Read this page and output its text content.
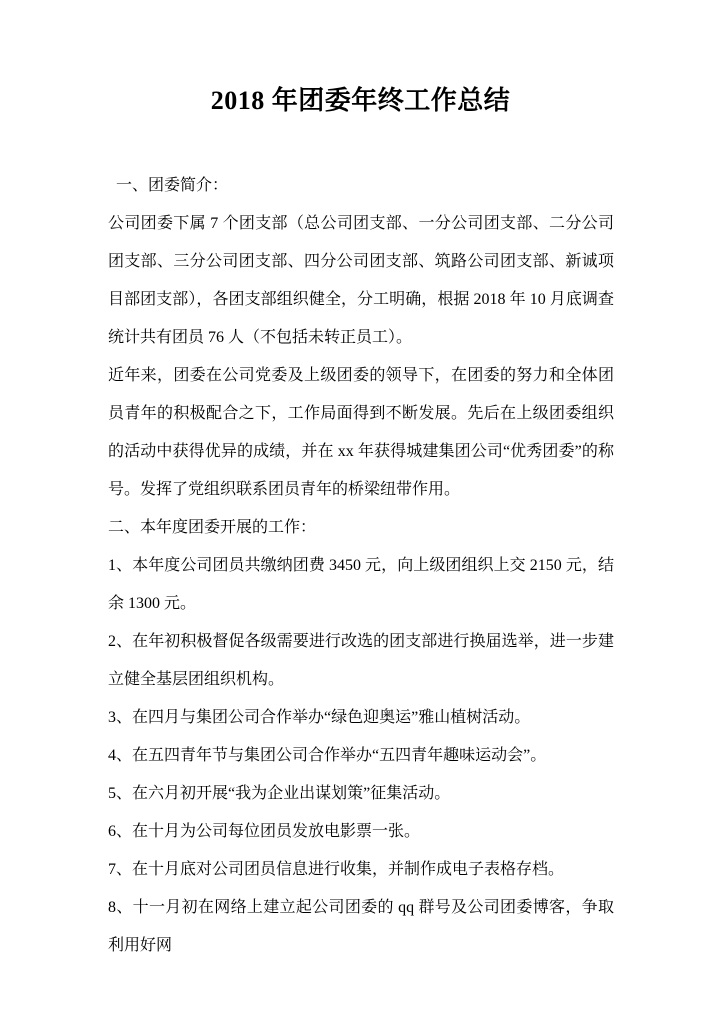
2018 年团委年终工作总结

一、团委简介：

公司团委下属 7 个团支部（总公司团支部、一分公司团支部、二分公司团支部、三分公司团支部、四分公司团支部、筑路公司团支部、新诚项目部团支部），各团支部组织健全，分工明确，根据 2018 年 10 月底调查统计共有团员 76 人（不包括未转正员工）。

近年来，团委在公司党委及上级团委的领导下，在团委的努力和全体团员青年的积极配合之下，工作局面得到不断发展。先后在上级团委组织的活动中获得优异的成绩，并在 xx 年获得城建集团公司“优秀团委”的称号。发挥了党组织联系团员青年的桥梁纽带作用。

二、本年度团委开展的工作：

1、本年度公司团员共缴纳团费 3450 元，向上级团组织上交 2150 元，结余 1300 元。

2、在年初积极督促各级需要进行改选的团支部进行换届选举，进一步建立健全基层团组织机构。

3、在四月与集团公司合作举办“绿色迎奥运”雅山植树活动。

4、在五四青年节与集团公司合作举办“五四青年趣味运动会”。

5、在六月初开展“我为企业出谋划策”征集活动。

6、在十月为公司每位团员发放电影票一张。

7、在十月底对公司团员信息进行收集，并制作成电子表格存档。

8、十一月初在网络上建立起公司团委的 qq 群号及公司团委博客，争取利用好网
